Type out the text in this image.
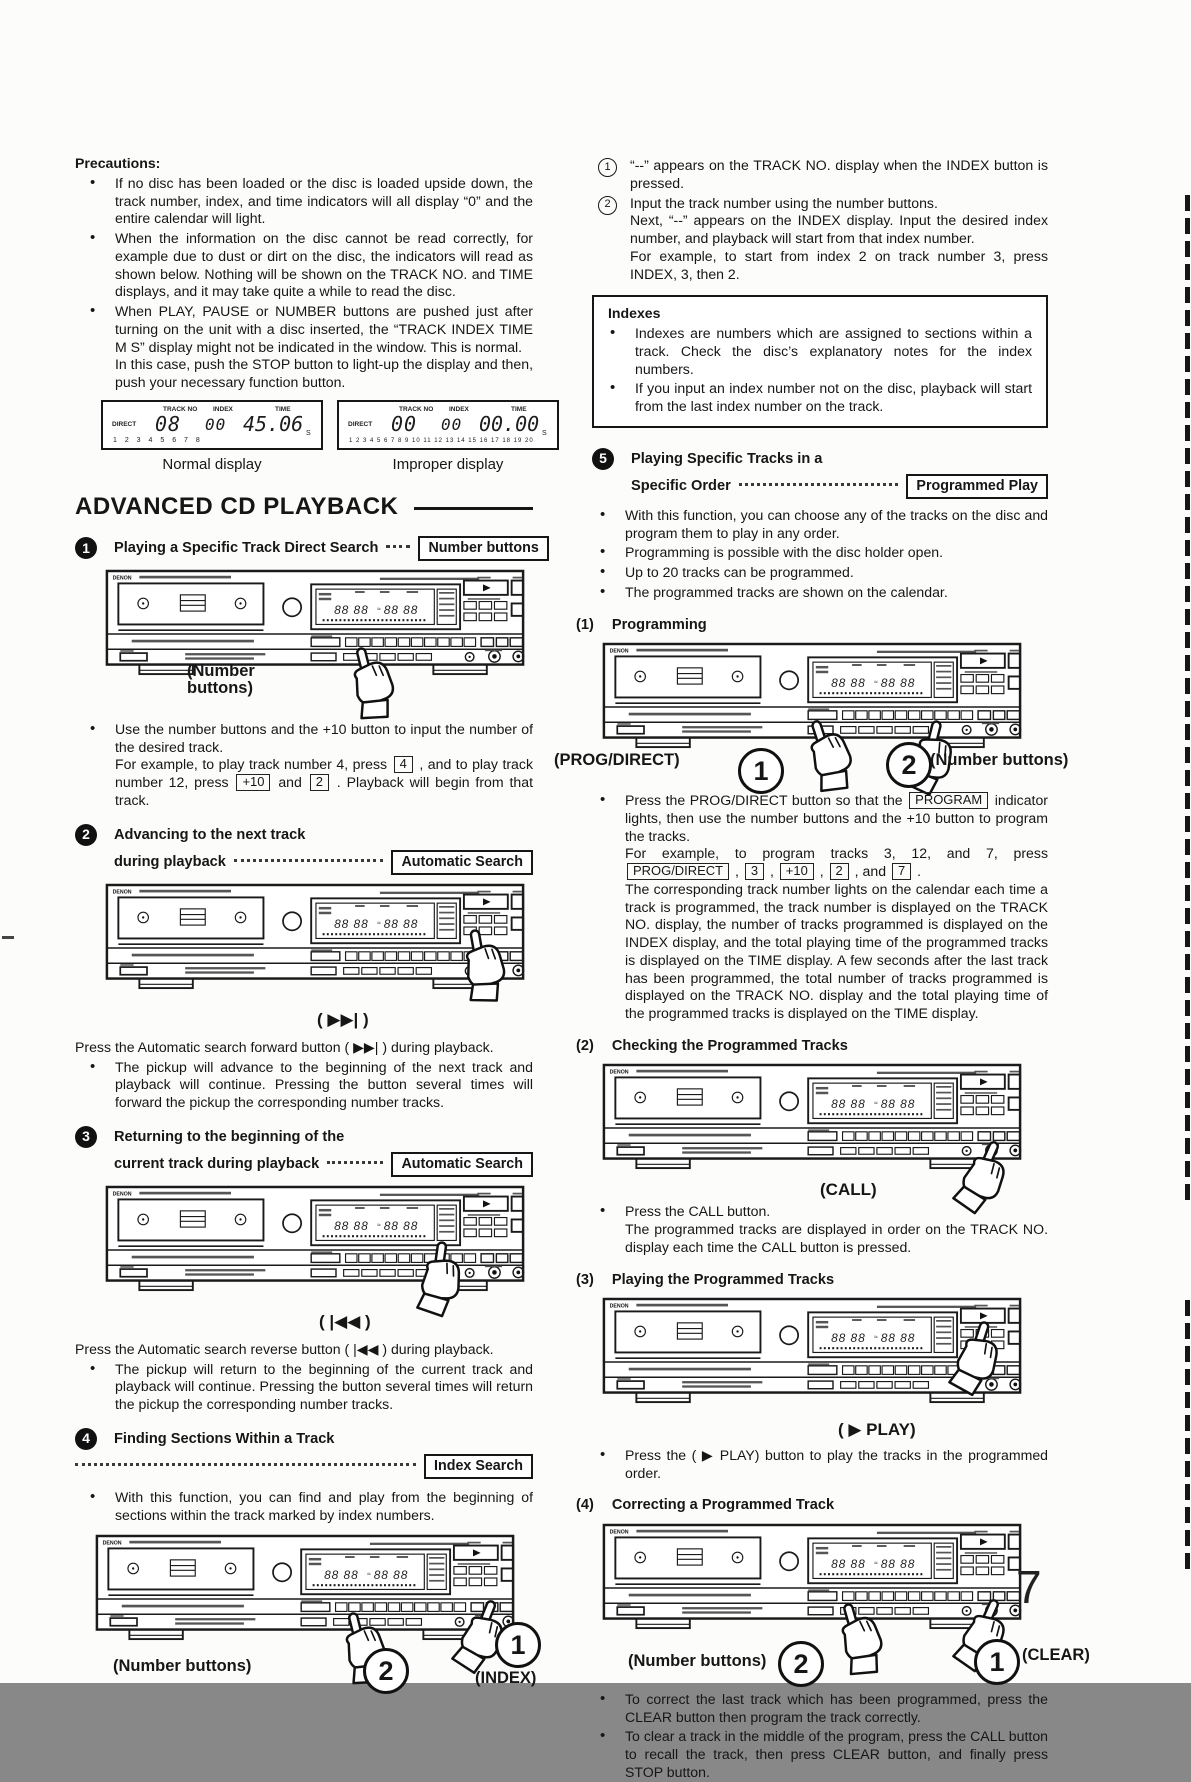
Precautions:

• If no disc has been loaded or the disc is loaded upside down, the track number, index, and time indicators will all display “0” and the entire calendar will light.
• When the information on the disc cannot be read correctly, for example due to dust or dirt on the disc, the indicators will read as shown below. Nothing will be shown on the TRACK NO. and TIME displays, and it may take quite a while to read the disc.
• When PLAY, PAUSE or NUMBER buttons are pushed just after turning on the unit with a disc inserted, the “TRACK INDEX TIME M S” display might not be indicated in the window. This is normal.
In this case, push the STOP button to light-up the display and then, push your necessary function button.
DIRECT
TRACK NO INDEX	TIME
08 00 45.06 S
1 2 3 4 5 6 7 8
Normal display
DIRECT
TRACK NO INDEX	TIME
00 00 00.00 S
1 2 3 4 5 6 7 8 9 10 11 12 13 14 15 16 17 18 19 20
Improper display
ADVANCED CD PLAYBACK
1	Playing a Specific Track Direct Search	Number buttons
(Number
buttons)
• Use the number buttons and the +10 button to input the number of the desired track.
For example, to play track number 4, press 4 , and to play track number 12, press +10 and 2 . Playback will begin from that track.
2	Advancing to the next track
during playback	Automatic Search
( ▶▶| )

Press the Automatic search forward button ( ▶▶| ) during playback.

• The pickup will advance to the beginning of the next track and playback will continue. Pressing the button several times will forward the pickup the corresponding number tracks.
3	Returning to the beginning of the
current track during playback	Automatic Search
( |◀◀ )

Press the Automatic search reverse button ( |◀◀ ) during playback.

• The pickup will return to the beginning of the current track and playback will continue. Pressing the button several times will return the pickup the corresponding number tracks.
4	Finding Sections Within a Track
Index Search
• With this function, you can find and play from the beginning of sections within the track marked by index numbers.
2
(Number buttons)
1
(INDEX)
1	“--” appears on the TRACK NO. display when the INDEX button is pressed.
2	Input the track number using the number buttons.

Next, “--” appears on the INDEX display. Input the desired index number, and playback will start from that index number.

For example, to start from index 2 on track number 3, press INDEX, 3, then 2.

Indexes

• Indexes are numbers which are assigned to sections within a track. Check the disc’s explanatory notes for the index numbers.
• If you input an index number not on the disc, playback will start from the last index number on the track.
5	Playing Specific Tracks in a
Specific Order	Programmed Play
• With this function, you can choose any of the tracks on the disc and program them to play in any order.
• Programming is possible with the disc holder open.
• Up to 20 tracks can be programmed.
• The programmed tracks are shown on the calendar.
(1) Programming
1
(PROG/DIRECT)	2 (Number buttons)
• Press the PROG/DIRECT button so that the PROGRAM indicator lights, then use the number buttons and the +10 button to program the tracks.
For example, to program tracks 3, 12, and 7, press PROG/DIRECT , 3 , +10 , 2 , and 7 .
The corresponding track number lights on the calendar each time a track is programmed, the track number is displayed on the TRACK NO. display, the number of tracks programmed is displayed on the INDEX display, and the total playing time of the programmed tracks is displayed on the TIME display. A few seconds after the last track has been programmed, the total number of tracks programmed is displayed on the TRACK NO. display and the total playing time of the programmed tracks is displayed on the TIME display.
(2) Checking the Programmed Tracks
(CALL)
• Press the CALL button.
The programmed tracks are displayed in order on the TRACK NO. display each time the CALL button is pressed.
(3) Playing the Programmed Tracks
( ▶ PLAY)
• Press the ( ▶ PLAY) button to play the tracks in the programmed order.
(4) Correcting a Programmed Track
2
(Number buttons)	1	(CLEAR)
• To correct the last track which has been programmed, press the CLEAR button then program the track correctly.
• To clear a track in the middle of the program, press the CALL button to recall the track, then press CLEAR button, and finally press STOP button.
7
